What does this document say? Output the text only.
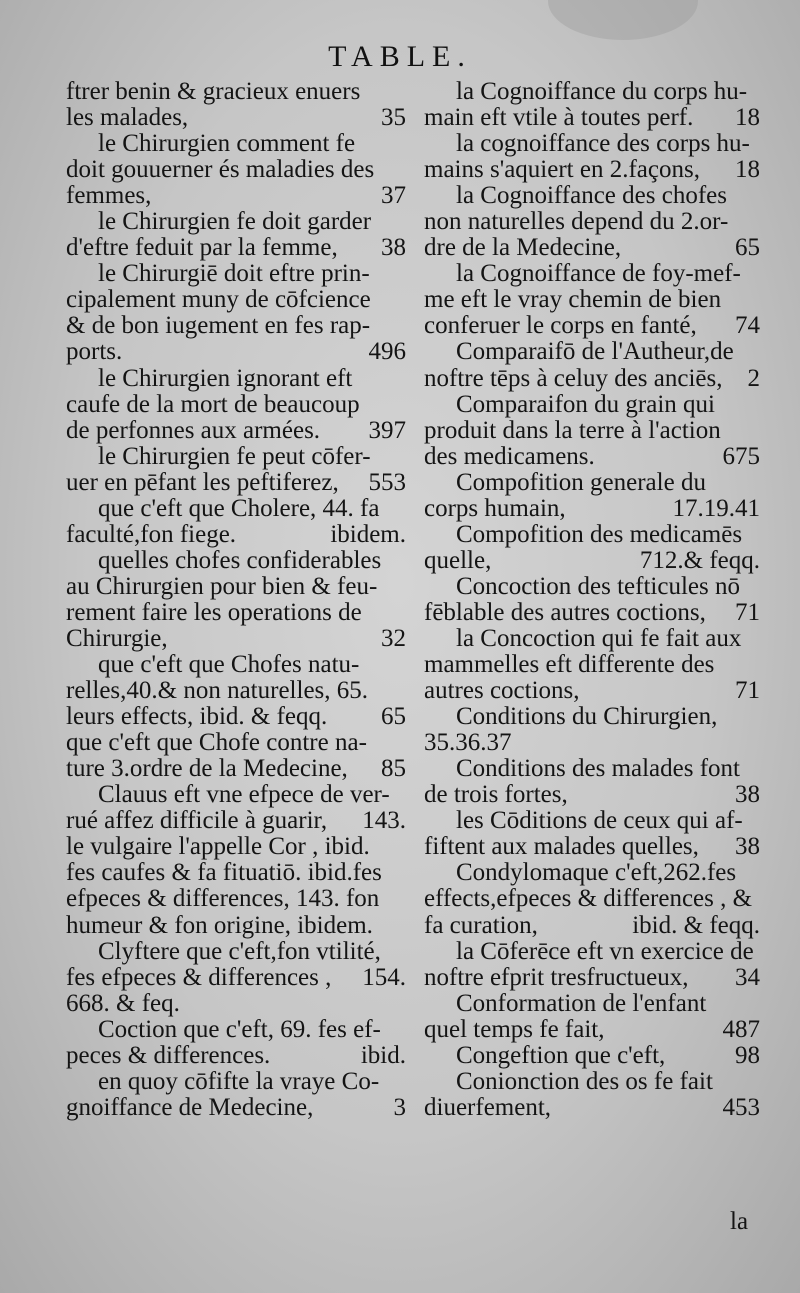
TABLE.
ftrer benin & gracieux enuers
les malades,	35
le Chirurgien comment fe
doit gouuerner és maladies des
femmes,	37
le Chirurgien fe doit garder
d'eftre feduit par la femme, 38
le Chirurgiē doit eftre prin-
cipalement muny de cōfcience
& de bon iugement en fes rap-
ports.	496
le Chirurgien ignorant eft
caufe de la mort de beaucoup
de perfonnes aux armées. 397
le Chirurgien fe peut cōfer-
uer en pēfant les peftiferez, 553
que c'eft que Cholere, 44. fa
faculté,fon fiege.	ibidem.
quelles chofes confiderables
au Chirurgien pour bien & feu-
rement faire les operations de
Chirurgie,	32
que c'eft que Chofes natu-
relles,40.& non naturelles, 65.
leurs effects, ibid. & feqq. 65
que c'eft que Chofe contre na-
ture 3.ordre de la Medecine, 85
Clauus eft vne efpece de ver-
rué affez difficile à guarir, 143.
le vulgaire l'appelle Cor , ibid.
fes caufes & fa fituatiō. ibid.fes
efpeces & differences, 143. fon
humeur & fon origine, ibidem.
Clyftere que c'eft,fon vtilité,
fes efpeces & differences , 154.
668. & feq.
Coction que c'eft, 69. fes ef-
peces & differences.	ibid.
en quoy cōfifte la vraye Co-
gnoiffance de Medecine,	3
la Cognoiffance du corps hu-
main eft vtile à toutes perf. 18
la cognoiffance des corps hu-
mains s'aquiert en 2.façons, 18
la Cognoiffance des chofes
non naturelles depend du 2.or-
dre de la Medecine,	65
la Cognoiffance de foy-mef-
me eft le vray chemin de bien
conferuer le corps en fanté, 74
Comparaifō de l'Autheur,de
noftre tēps à celuy des anciēs, 2
Comparaifon du grain qui
produit dans la terre à l'action
des medicamens.	675
Compofition generale du
corps humain,	17.19.41
Compofition des medicamēs
quelle,	712.& feqq.
Concoction des tefticules nō
fēblable des autres coctions, 71
la Concoction qui fe fait aux
mammelles eft differente des
autres coctions,	71
Conditions du Chirurgien,
35.36.37
Conditions des malades font
de trois fortes,	38
les Cōditions de ceux qui af-
fiftent aux malades quelles, 38
Condylomaque c'eft,262.fes
effects,efpeces & differences , &
fa curation,	ibid. & feqq.
la Cōferēce eft vn exercice de
noftre efprit tresfructueux, 34
Conformation de l'enfant
quel temps fe fait,	487
Congeftion que c'eft,	98
Conionction des os fe fait
diuerfement,	453
la
